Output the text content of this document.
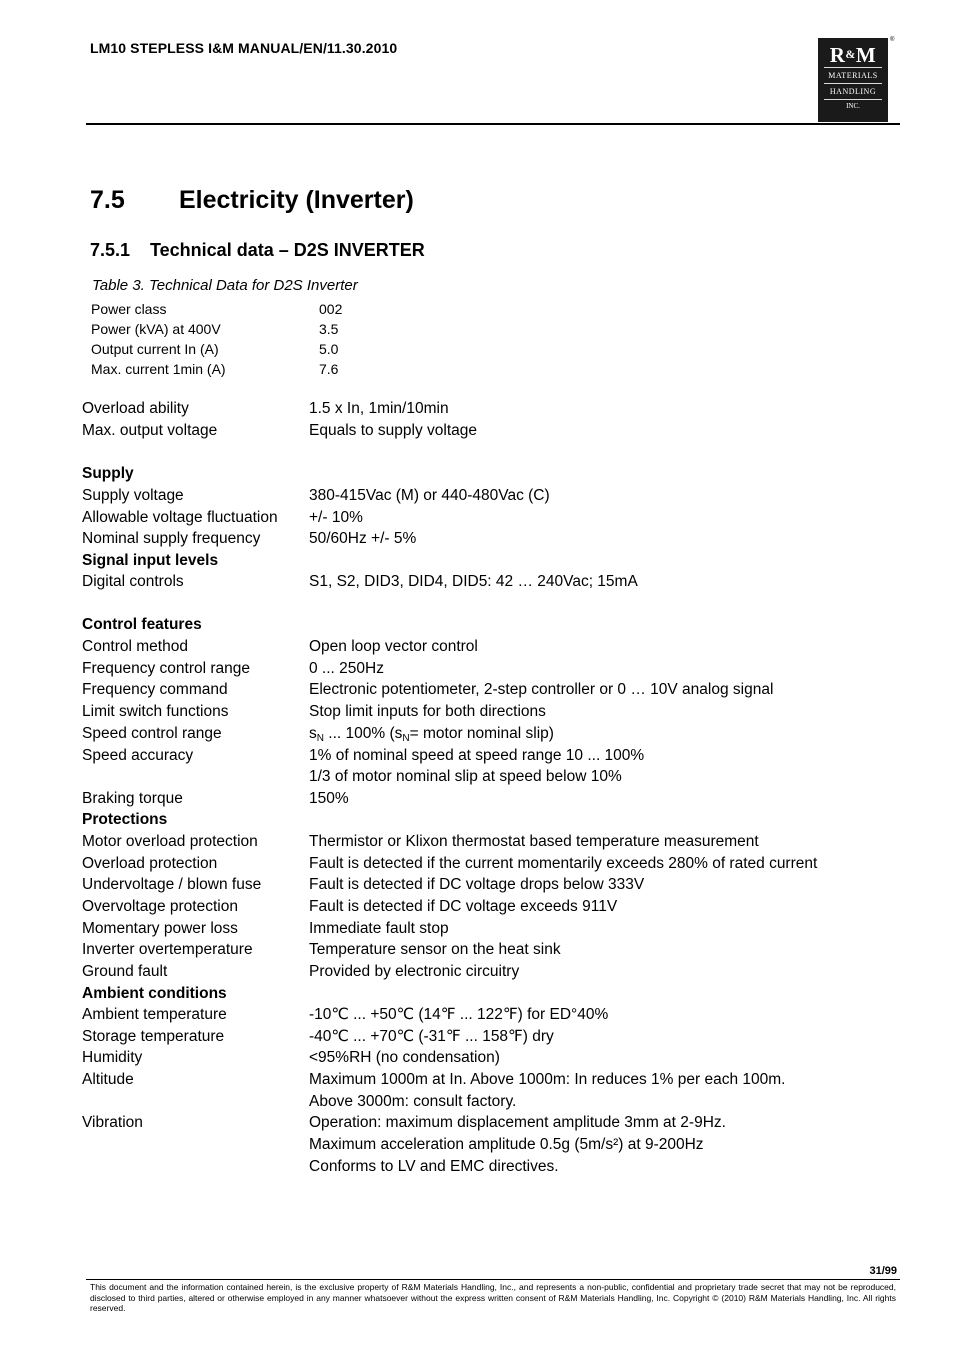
LM10 STEPLESS I&M MANUAL/EN/11.30.2010	R&M
MATERIALS
HANDLING
INC.
®
7.5 Electricity (Inverter)
7.5.1 Technical data – D2S INVERTER
Table 3. Technical Data for D2S Inverter
Power class	002
Power (kVA) at 400V	3.5
Output current In (A)	5.0
Max. current 1min (A)	7.6
Overload ability	1.5 x In, 1min/10min
Max. output voltage	Equals to supply voltage
Supply
Supply voltage	380-415Vac (M) or 440-480Vac (C)
Allowable voltage fluctuation +/- 10%
Nominal supply frequency	50/60Hz +/- 5%
Signal input levels
Digital controls	S1, S2, DID3, DID4, DID5: 42 … 240Vac; 15mA
Control features
Control method	Open loop vector control
Frequency control range	0 ... 250Hz
Frequency command	Electronic potentiometer, 2-step controller or 0 … 10V analog signal
Limit switch functions	Stop limit inputs for both directions
Speed control range	$s_N$ ... 100% ($s_N=$ motor nominal slip)
Speed accuracy	1% of nominal speed at speed range 10 ... 100%
1/3 of motor nominal slip at speed below 10%
Braking torque	150%
Protections
Motor overload protection	Thermistor or Klixon thermostat based temperature measurement
Overload protection	Fault is detected if the current momentarily exceeds 280% of rated current
Undervoltage / blown fuse	Fault is detected if DC voltage drops below 333V
Overvoltage protection	Fault is detected if DC voltage exceeds 911V
Momentary power loss	Immediate fault stop
Inverter overtemperature	Temperature sensor on the heat sink
Ground fault	Provided by electronic circuitry
Ambient conditions
Ambient temperature	-10℃ ... +50℃ (14℉ ... 122℉) for ED°40%
Storage temperature	-40℃ ... +70℃ (-31℉ ... 158℉) dry
Humidity	<95%RH (no condensation)
Altitude	Maximum 1000m at In. Above 1000m: In reduces 1% per each 100m.
Above 3000m: consult factory.
Vibration	Operation: maximum displacement amplitude 3mm at 2-9Hz.
Maximum acceleration amplitude 0.5g (5m/s²) at 9-200Hz
Conforms to LV and EMC directives.
31/99
This document and the information contained herein, is the exclusive property of R&M Materials Handling, Inc., and represents a non-public, confidential and proprietary trade secret that may not be reproduced, disclosed to third parties, altered or otherwise employed in any manner whatsoever without the express written consent of R&M Materials Handling, Inc. Copyright © (2010) R&M Materials Handling, Inc. All rights reserved.
